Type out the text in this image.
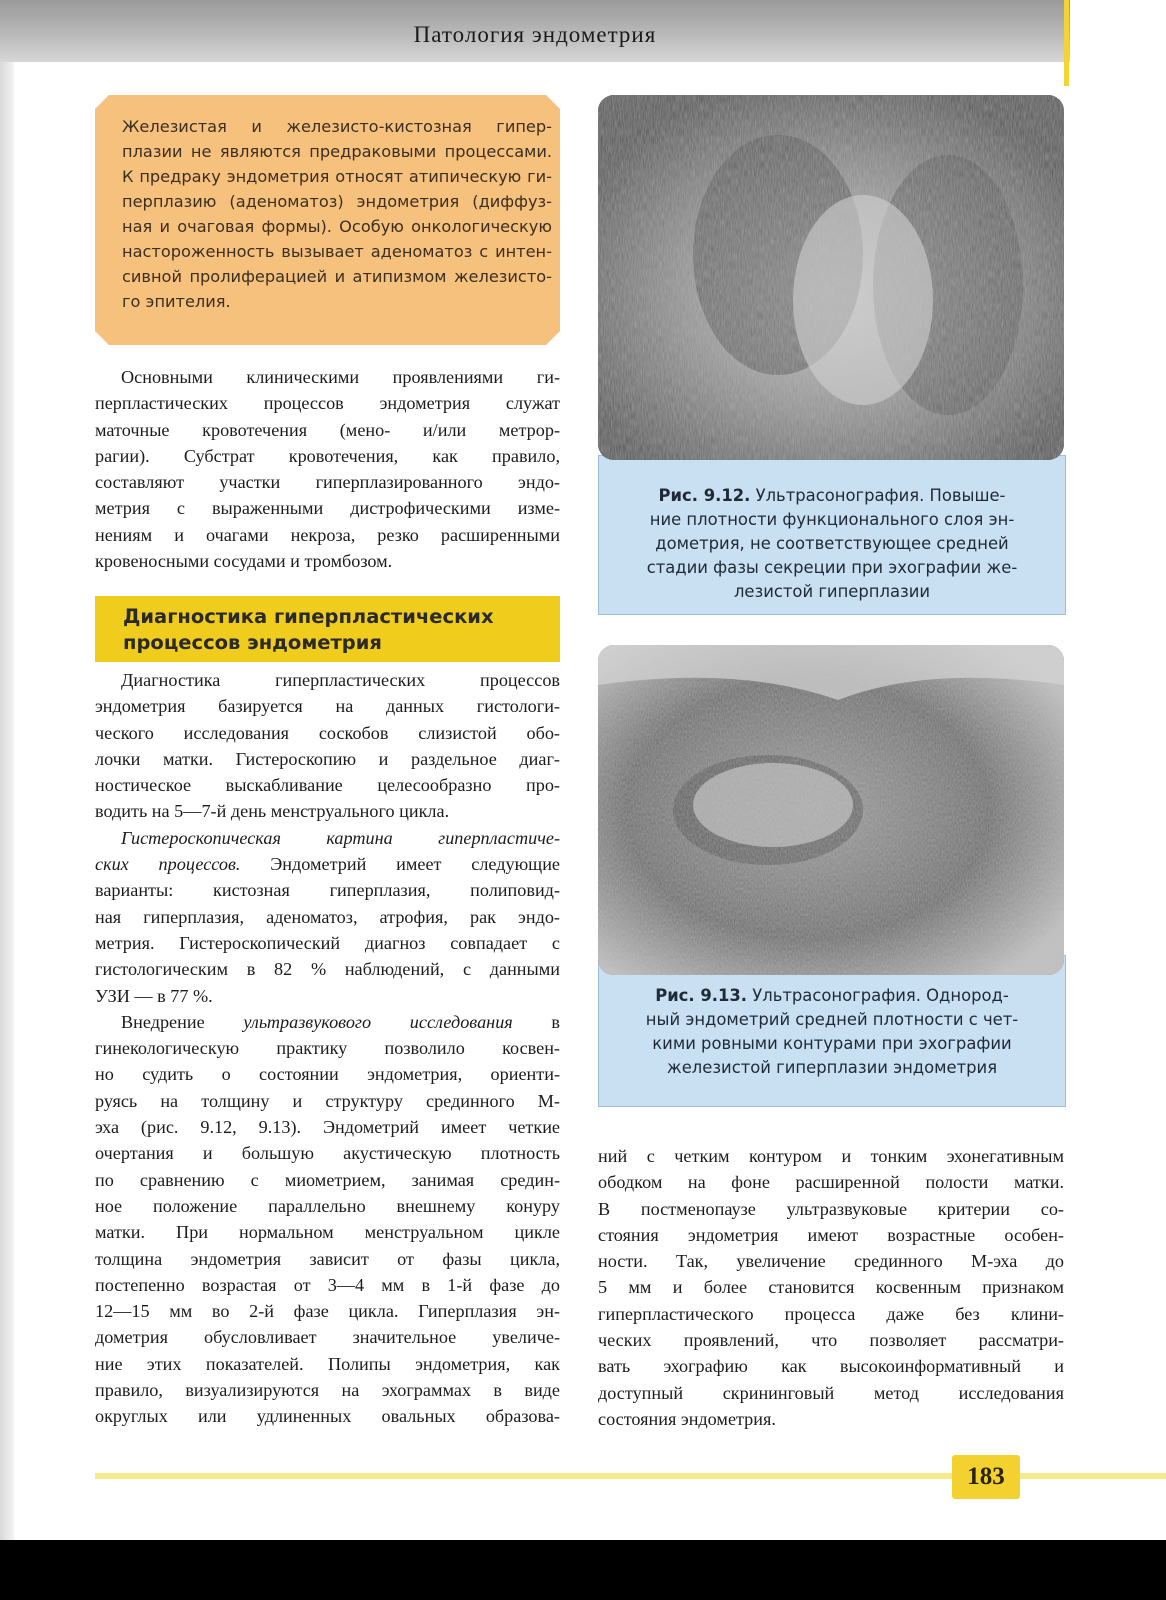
Патология эндометрия
Железистая и железисто-кистозная гипер-
плазии не являются предраковыми процессами.
К предраку эндометрия относят атипическую ги-
перплазию (аденоматоз) эндометрия (диффуз-
ная и очаговая формы). Особую онкологическую
настороженность вызывает аденоматоз с интен-
сивной пролиферацией и атипизмом железисто-
го эпителия.
Основными клиническими проявлениями ги-
перпластических процессов эндометрия служат
маточные кровотечения (мено- и/или метрор-
рагии). Субстрат кровотечения, как правило,
составляют участки гиперплазированного эндо-
метрия с выраженными дистрофическими изме-
нениям и очагами некроза, резко расширенными
кровеносными сосудами и тромбозом.
Диагностика гиперпластических
процессов эндометрия
Диагностика гиперпластических процессов
эндометрия базируется на данных гистологи-
ческого исследования соскобов слизистой обо-
лочки матки. Гистероскопию и раздельное диаг-
ностическое выскабливание целесообразно про-
водить на 5—7-й день менструального цикла.
Гистероскопическая картина гиперпластиче-
ских процессов. Эндометрий имеет следующие
варианты: кистозная гиперплазия, полиповид-
ная гиперплазия, аденоматоз, атрофия, рак эндо-
метрия. Гистероскопический диагноз совпадает с
гистологическим в 82 % наблюдений, с данными
УЗИ — в 77 %.
Внедрение ультразвукового исследования в
гинекологическую практику позволило косвен-
но судить о состоянии эндометрия, ориенти-
руясь на толщину и структуру срединного М-
эха (рис. 9.12, 9.13). Эндометрий имеет четкие
очертания и большую акустическую плотность
по сравнению с миометрием, занимая средин-
ное положение параллельно внешнему конуру
матки. При нормальном менструальном цикле
толщина эндометрия зависит от фазы цикла,
постепенно возрастая от 3—4 мм в 1-й фазе до
12—15 мм во 2-й фазе цикла. Гиперплазия эн-
дометрия обусловливает значительное увеличе-
ние этих показателей. Полипы эндометрия, как
правило, визуализируются на эхограммах в виде
округлых или удлиненных овальных образова-
Рис. 9.12. Ультрасонография. Повыше-
ние плотности функционального слоя эн-
дометрия, не соответствующее средней
стадии фазы секреции при эхографии же-
лезистой гиперплазии
Рис. 9.13. Ультрасонография. Однород-
ный эндометрий средней плотности с чет-
кими ровными контурами при эхографии
железистой гиперплазии эндометрия
ний с четким контуром и тонким эхонегативным
ободком на фоне расширенной полости матки.
В постменопаузе ультразвуковые критерии со-
стояния эндометрия имеют возрастные особен-
ности. Так, увеличение срединного М-эха до
5 мм и более становится косвенным признаком
гиперпластического процесса даже без клини-
ческих проявлений, что позволяет рассматри-
вать эхографию как высокоинформативный и
доступный скрининговый метод исследования
состояния эндометрия.
183
